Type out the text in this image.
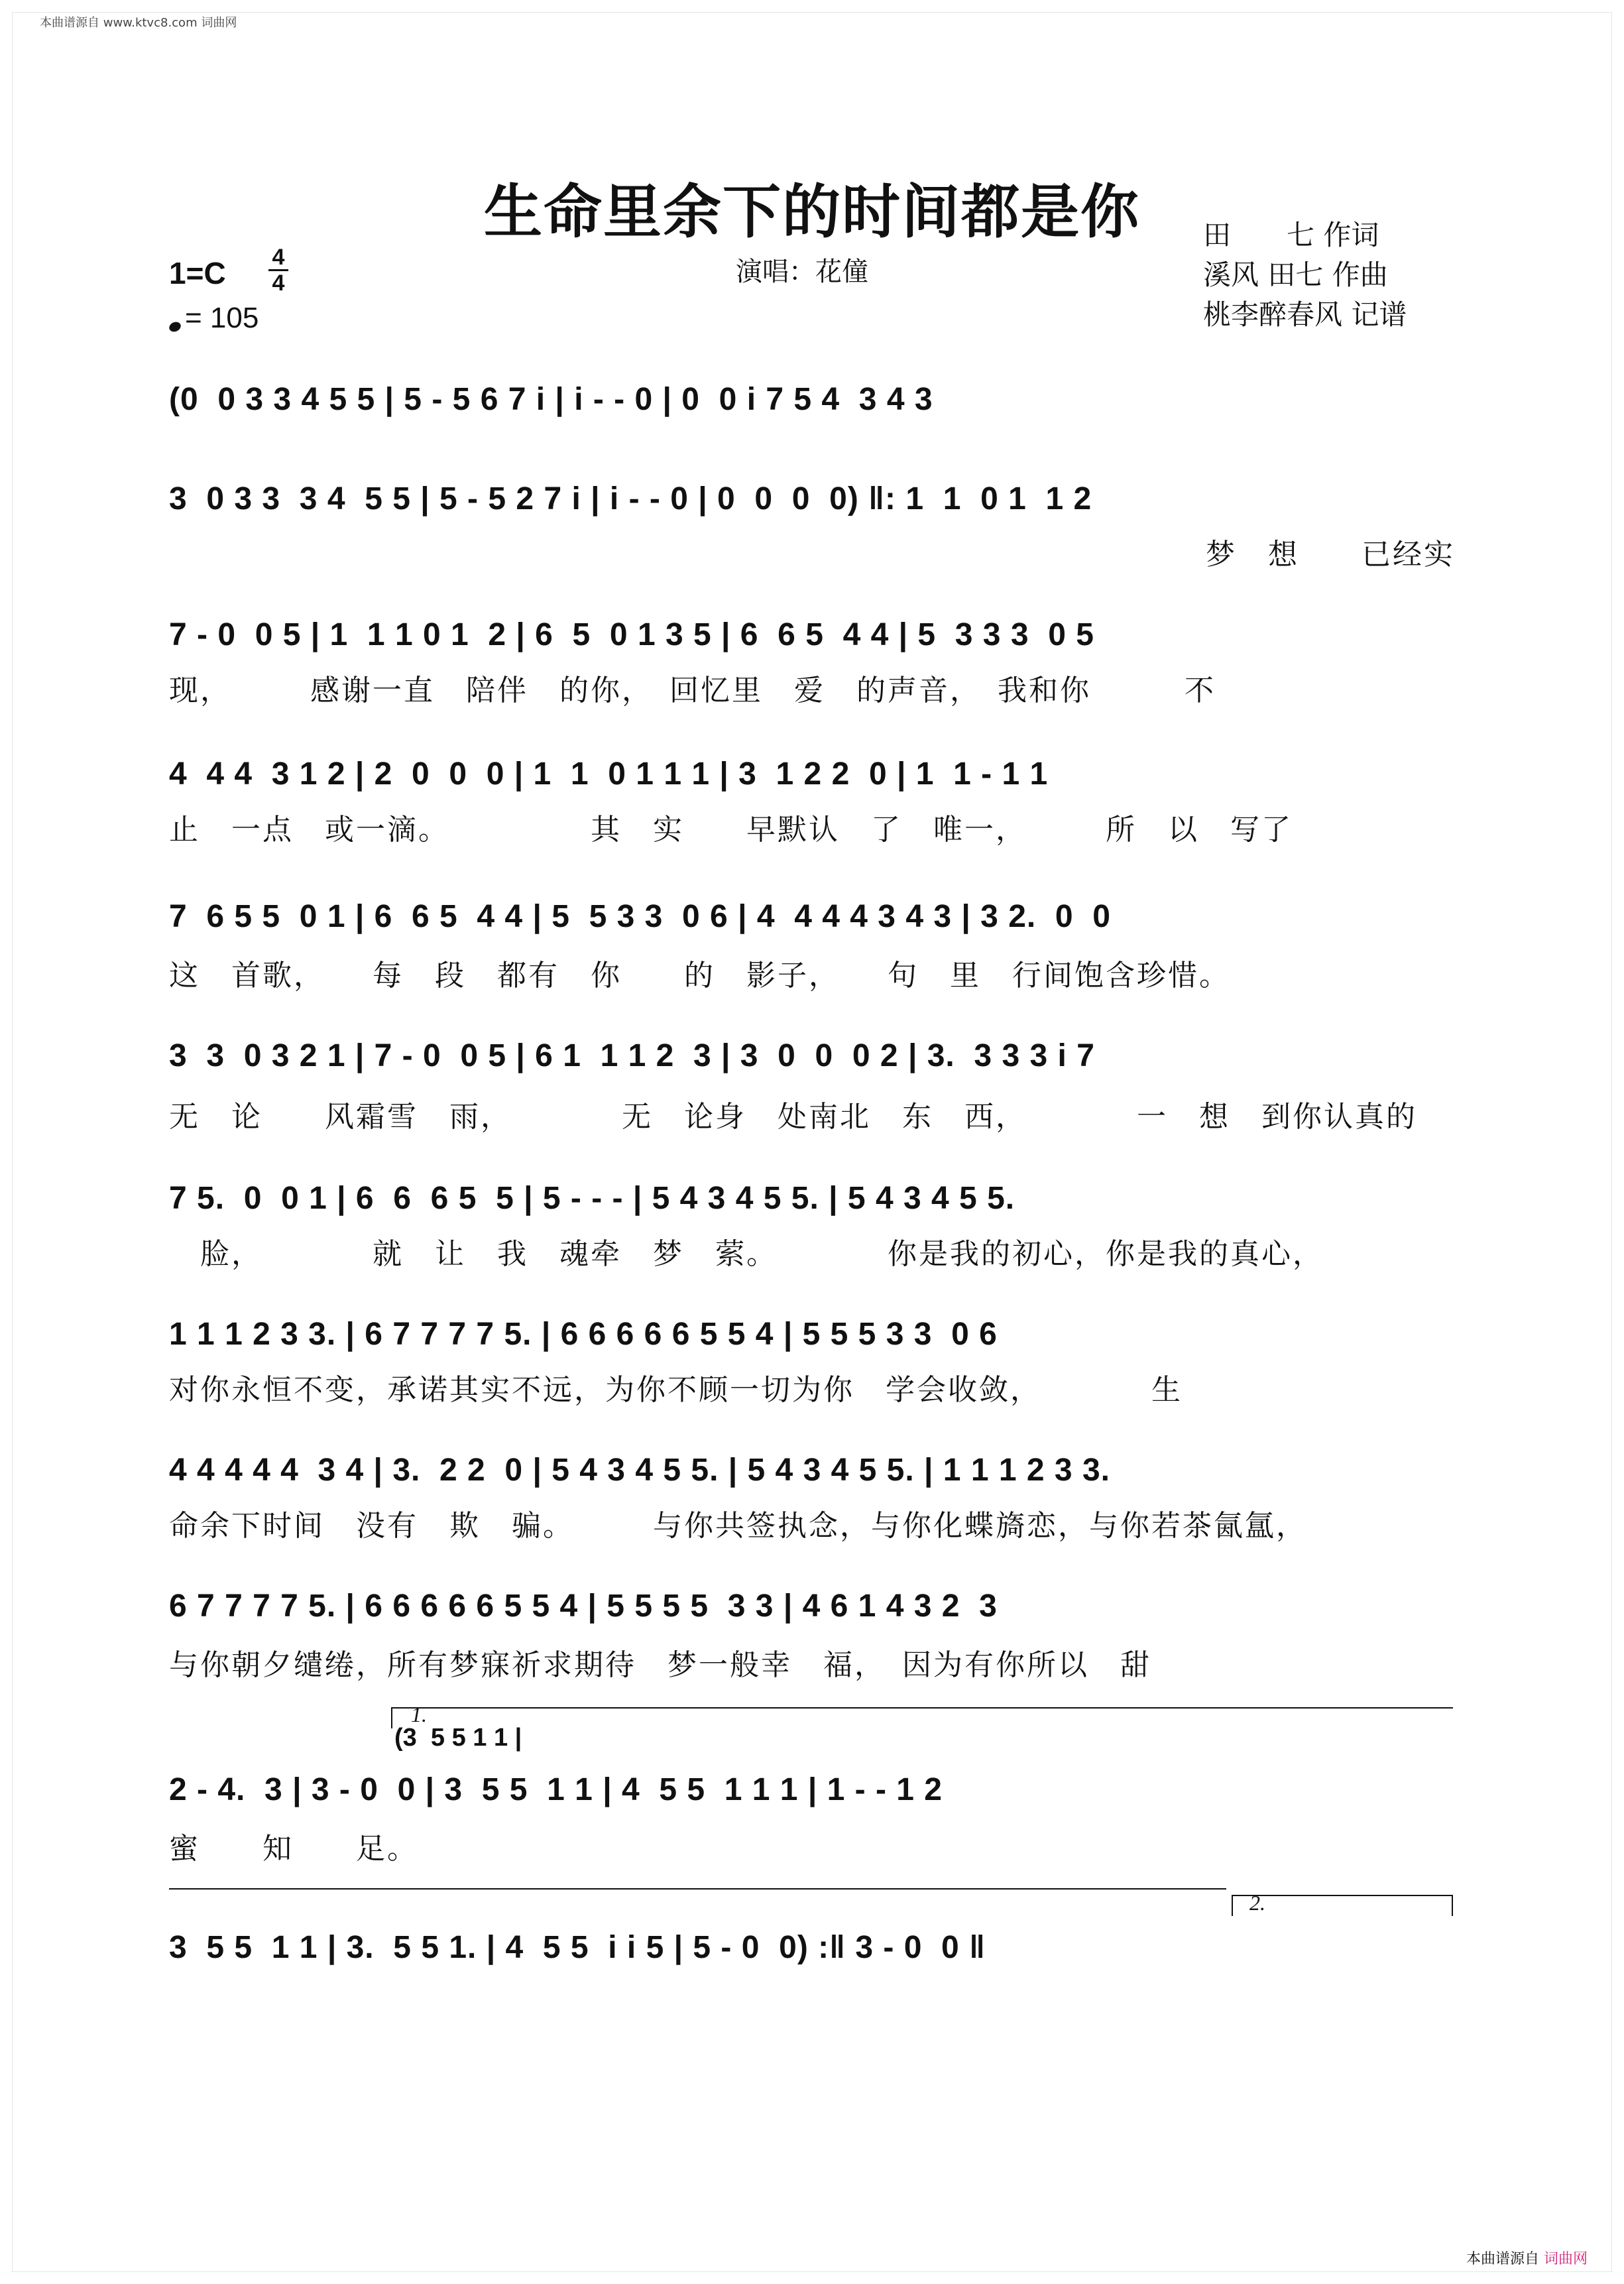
本曲谱源自 www.ktvc8.com 词曲网
生命里余下的时间都是你
1=C 4
4
= 105
演唱：花僮
田　　七 作词
溪风 田七 作曲
桃李醉春风 记谱
(0  0 3 3 4 5 5 | 5 - 5 6 7 i | i - - 0 | 0  0 i 7 5 4  3 4 3
3  0 3 3  3 4  5 5 | 5 - 5 2 7 i | i - - 0 | 0  0  0  0) ‖: 1  1  0 1  1 2
梦　想　　已经实
7 - 0  0 5 | 1  1 1 0 1  2 | 6  5  0 1 3 5 | 6  6 5  4 4 | 5  3 3 3  0 5
现，　　　感谢一直　陪伴　的你，　回忆里　爱　的声音，　我和你　　　不
4  4 4  3 1 2 | 2  0  0  0 | 1  1  0 1 1 1 | 3  1 2 2  0 | 1  1 - 1 1
止　一点　或一滴。　　　　　其　实　　早默认　了　唯一，　　　所　以　写了
7  6 5 5  0 1 | 6  6 5  4 4 | 5  5 3 3  0 6 | 4  4 4 4 3 4 3 | 3 2.  0  0
这　首歌，　　每　段　都有　你　　的　影子，　　句　里　行间饱含珍惜。
3  3  0 3 2 1 | 7 - 0  0 5 | 6 1  1 1 2  3 | 3  0  0  0 2 | 3.  3 3 3 i 7
无　论　　风霜雪　雨，　　　　无　论身　处南北　东　西，　　　　一　想　到你认真的
7 5.  0  0 1 | 6  6  6 5  5 | 5 - - - | 5 4 3 4 5 5. | 5 4 3 4 5 5.
　脸，　　　　就　让　我　魂牵　梦　萦。　　　　你是我的初心，你是我的真心，
1 1 1 2 3 3. | 6 7 7 7 7 5. | 6 6 6 6 6 5 5 4 | 5 5 5 3 3  0 6
对你永恒不变，承诺其实不远，为你不顾一切为你　学会收敛，　　　　生
4 4 4 4 4  3 4 | 3.  2 2  0 | 5 4 3 4 5 5. | 5 4 3 4 5 5. | 1 1 1 2 3 3.
命余下时间　没有　欺　骗。　　　与你共签执念，与你化蝶旖恋，与你若茶氤氲，
6 7 7 7 7 5. | 6 6 6 6 6 5 5 4 | 5 5 5 5  3 3 | 4 6 1 4 3 2  3
与你朝夕缱绻，所有梦寐祈求期待　梦一般幸　福，　因为有你所以　甜
1.
(3  5 5 1 1 |
2 - 4.  3 | 3 - 0  0 | 3  5 5  1 1 | 4  5 5  1 1 1 | 1 - - 1 2
蜜　　知　　足。
2.
3  5 5  1 1 | 3.  5 5 1. | 4  5 5  i i 5 | 5 - 0  0) :‖ 3 - 0  0 ‖
本曲谱源自 词曲网
